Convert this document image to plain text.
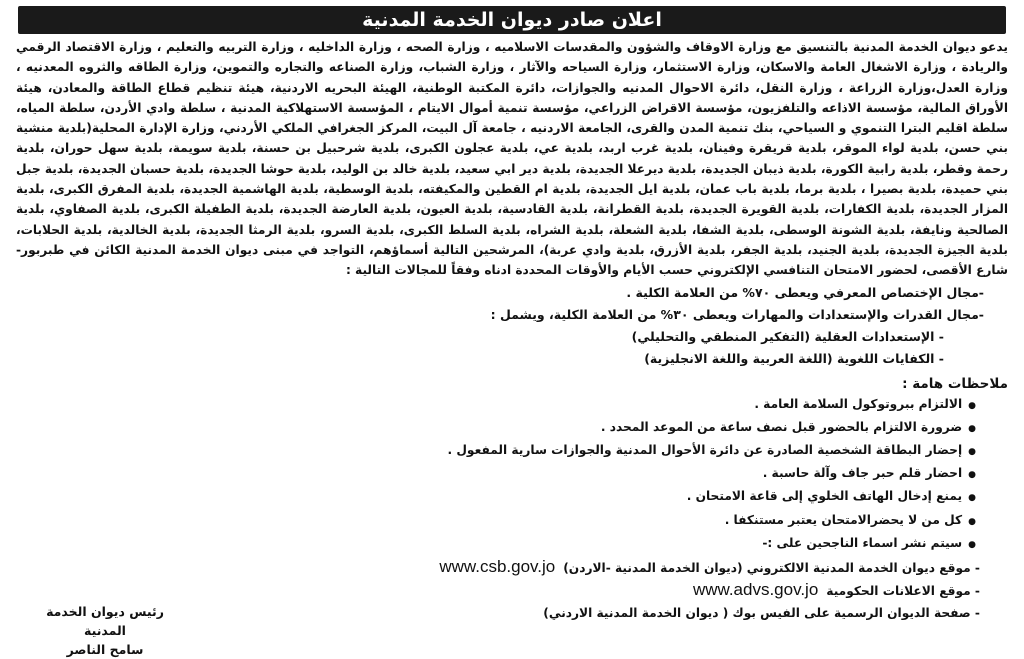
اعلان صادر ديوان الخدمة المدنية
يدعو ديوان الخدمة المدنية بالتنسيق مع وزارة الاوقاف والشؤون والمقدسات الاسلاميه ، وزارة الصحه ، وزارة الداخليه ، وزارة التربيه والتعليم ، وزارة الاقتصاد الرقمي والريادة ، وزارة الاشغال العامة والاسكان، وزارة الاستثمار، وزارة السياحه والآثار ، وزارة الشباب، وزارة الصناعه والتجاره والتموين، وزارة الطاقه والثروه المعدنيه ، وزارة العدل،وزارة الزراعة ، وزارة النقل، دائرة الاحوال المدنيه والجوازات، دائرة المكتبة الوطنية، الهيئة البحريه الاردنية، هيئة تنظيم قطاع الطاقة والمعادن، هيئة الأوراق المالية، مؤسسة الاذاعه والتلفزيون، مؤسسة الاقراض الزراعي، مؤسسة تنمية أموال الايتام ، المؤسسة الاستهلاكية المدنية ، سلطة وادي الأردن، سلطة المياه، سلطة اقليم البترا التنموي و السياحي، بنك تنمية المدن والقرى، الجامعة الاردنيه ، جامعة آل البيت، المركز الجغرافي الملكي الأردني، وزارة الإدارة المحلية(بلدية منشية بني حسن، بلدية لواء الموقر، بلدية قريقرة وفينان، بلدية غرب اربد، بلدية عي، بلدية عجلون الكبرى، بلدية شرحبيل بن حسنة، بلدية سويمة، بلدية سهل حوران، بلدية رحمة وقطر، بلدية رابية الكورة، بلدية ذيبان الجديدة، بلدية ديرعلا الجديدة، بلدية دير ابي سعيد، بلدية خالد بن الوليد، بلدية حوشا الجديدة، بلدية حسبان الجديدة، بلدية جبل بني حميدة، بلدية بصيرا ، بلدية برما، بلدية باب عمان، بلدية ايل الجديدة، بلدية ام القطين والمكيفته، بلدية الوسطية، بلدية الهاشمية الجديدة، بلدية المفرق الكبرى، بلدية المزار الجديدة، بلدية الكفارات، بلدية القويرة الجديدة، بلدية القطرانة، بلدية القادسية، بلدية العيون، بلدية العارضة الجديدة، بلدية الطفيلة الكبرى، بلدية الصفاوي، بلدية الصالحية ونايفة، بلدية الشونة الوسطى، بلدية الشفا، بلدية الشعلة، بلدية الشراه، بلدية السلط الكبرى، بلدية السرو، بلدية الرمثا الجديدة، بلدية الخالدية، بلدية الحلابات، بلدية الجيزة الجديدة، بلدية الجنيد، بلدية الجفر، بلدية الأزرق، بلدية وادي عربة)، المرشحين التالية أسماؤهم، التواجد في مبنى ديوان الخدمة المدنية الكائن في طبربور- شارع الأقصى، لحضور الامتحان التنافسي الإلكتروني حسب الأيام والأوقات المحددة ادناه وفقاً للمجالات التالية :
-مجال الإختصاص المعرفي ويعطى ٧٠% من العلامة الكلية .
-مجال القدرات والإستعدادات والمهارات ويعطى ٣٠% من العلامة الكلية، ويشمل :
- الإستعدادات العقلية (التفكير المنطقي والتحليلي)
- الكفايات اللغوية (اللغة العربية واللغة الانجليزية)
ملاحظات هامة :
●الالتزام ببروتوكول السلامة العامة .
●ضرورة الالتزام بالحضور قبل نصف ساعة من الموعد المحدد .
●إحضار البطاقة الشخصية الصادرة عن دائرة الأحوال المدنية والجوازات سارية المفعول .
●احضار قلم حبر جاف وآلة حاسبة .
●يمنع إدخال الهاتف الخلوي إلى قاعة الامتحان .
●كل من لا يحضرالامتحان يعتبر مستنكفا .
●سيتم نشر اسماء الناجحين على :-
- موقع ديوان الخدمة المدنية الالكتروني (ديوان الخدمة المدنية -الاردن)www.csb.gov.jo
- موقع الاعلانات الحكوميةwww.advs.gov.jo
- صفحة الديوان الرسمية على الفيس بوك ( ديوان الخدمة المدنية الاردني)
رئيس ديوان الخدمة المدنية
سامح الناصر
